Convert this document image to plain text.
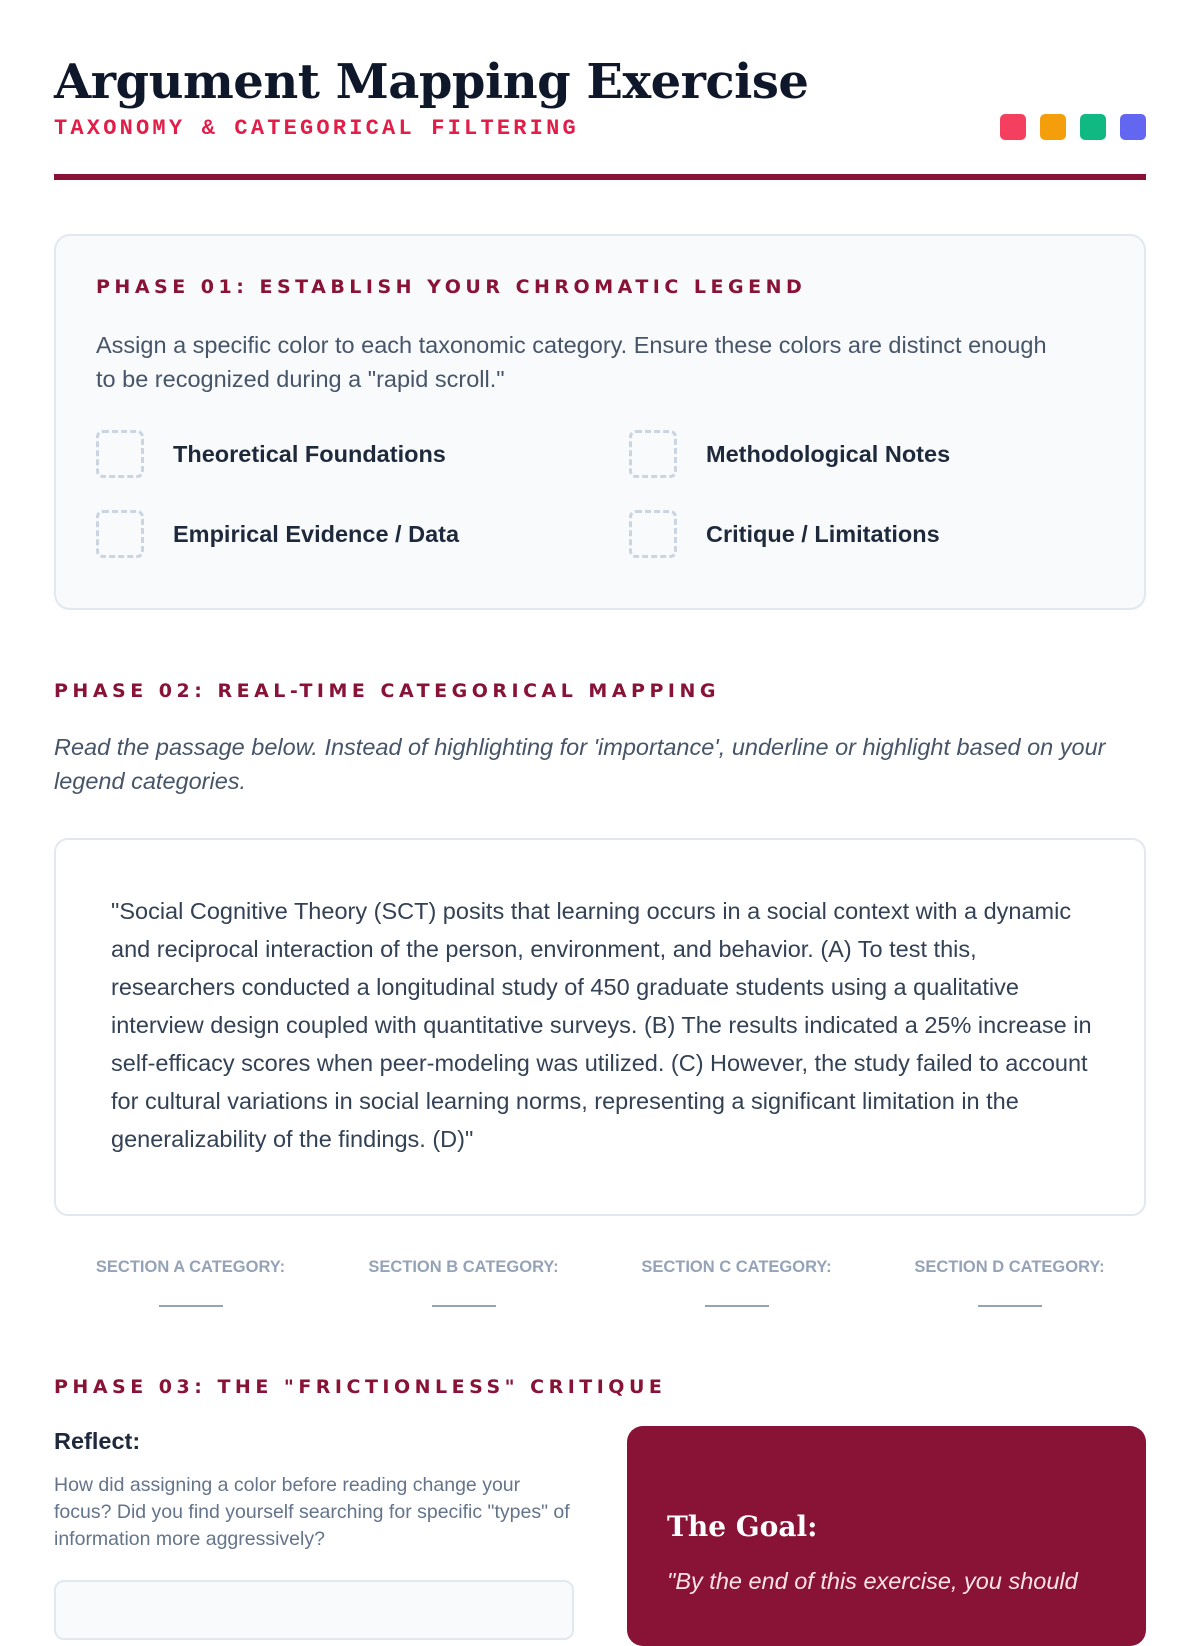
Argument Mapping Exercise
TAXONOMY & CATEGORICAL FILTERING
PHASE 01: ESTABLISH YOUR CHROMATIC LEGEND

Assign a specific color to each taxonomic category. Ensure these colors are distinct enough to be recognized during a "rapid scroll."

Theoretical Foundations	Methodological Notes
Empirical Evidence / Data	Critique / Limitations
PHASE 02: REAL-TIME CATEGORICAL MAPPING

Read the passage below. Instead of highlighting for 'importance', underline or highlight based on your legend categories.

"Social Cognitive Theory (SCT) posits that learning occurs in a social context with a dynamic and reciprocal interaction of the person, environment, and behavior. (A) To test this, researchers conducted a longitudinal study of 450 graduate students using a qualitative interview design coupled with quantitative surveys. (B) The results indicated a 25% increase in self-efficacy scores when peer-modeling was utilized. (C) However, the study failed to account for cultural variations in social learning norms, representing a significant limitation in the generalizability of the findings. (D)"

SECTION A CATEGORY:	SECTION B CATEGORY:	SECTION C CATEGORY:	SECTION D CATEGORY:
PHASE 03: THE "FRICTIONLESS" CRITIQUE
Reflect:

How did assigning a color before reading change your focus? Did you find yourself searching for specific "types" of information more aggressively?	The Goal:
"By the end of this exercise, you should
